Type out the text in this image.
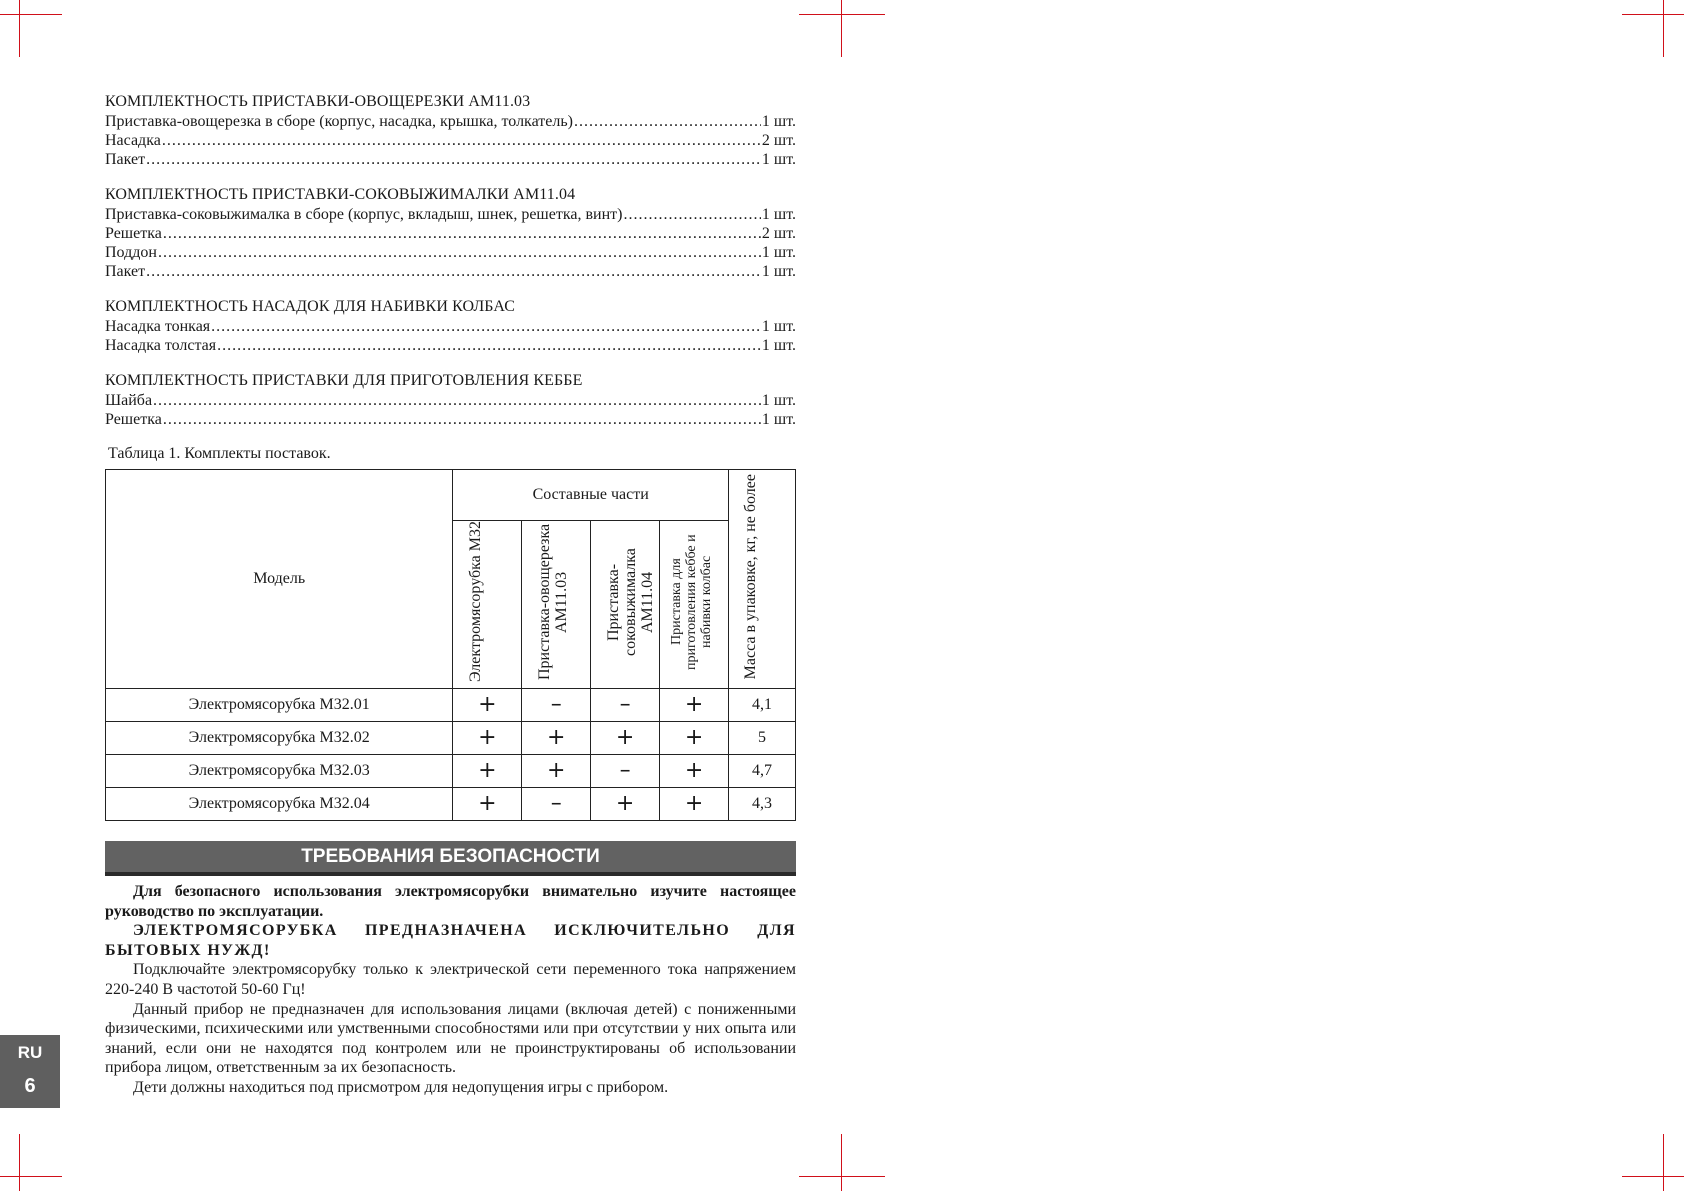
КОМПЛЕКТНОСТЬ ПРИСТАВКИ-ОВОЩЕРЕЗКИ АМ11.03
Приставка-овощерезка в сборе (корпус, насадка, крышка, толкатель) .....	1 шт.
Насадка .....	2 шт.
Пакет .....	1 шт.
КОМПЛЕКТНОСТЬ ПРИСТАВКИ-СОКОВЫЖИМАЛКИ АМ11.04
Приставка-соковыжималка в сборе (корпус, вкладыш, шнек, решетка, винт) .....	1 шт.
Решетка .....	2 шт.
Поддон .....	1 шт.
Пакет .....	1 шт.
КОМПЛЕКТНОСТЬ НАСАДОК ДЛЯ НАБИВКИ КОЛБАС
Насадка тонкая .....	1 шт.
Насадка толстая .....	1 шт.
КОМПЛЕКТНОСТЬ ПРИСТАВКИ ДЛЯ ПРИГОТОВЛЕНИЯ КЕББЕ
Шайба .....	1 шт.
Решетка .....	1 шт.
Таблица 1. Комплекты поставок.
Модель	Составные части				Масса в упаковке, кг, не более
	Электромясорубка М32	Приставка-овощерезка АМ11.03	Приставка-соковыжималка АМ11.04	Приставка для приготовления кеббе и набивки колбас	
Электромясорубка М32.01	+	–	–	+	4,1
Электромясорубка М32.02	+	+	+	+	5
Электромясорубка М32.03	+	+	–	+	4,7
Электромясорубка М32.04	+	–	+	+	4,3
ТРЕБОВАНИЯ БЕЗОПАСНОСТИ

Для безопасного использования электромясорубки внимательно изучите настоящее руководство по эксплуатации.

ЭЛЕКТРОМЯСОРУБКА ПРЕДНАЗНАЧЕНА ИСКЛЮЧИТЕЛЬНО ДЛЯ БЫТОВЫХ НУЖД!

Подключайте электромясорубку только к электрической сети переменного тока напряжением 220-240 В частотой 50-60 Гц!

Данный прибор не предназначен для использования лицами (включая детей) с пониженными физическими, психическими или умственными способностями или при отсутствии у них опыта или знаний, если они не находятся под контролем или не проинструктированы об использовании прибора лицом, ответственным за их безопасность.

Дети должны находиться под присмотром для недопущения игры с прибором.

RU
6
